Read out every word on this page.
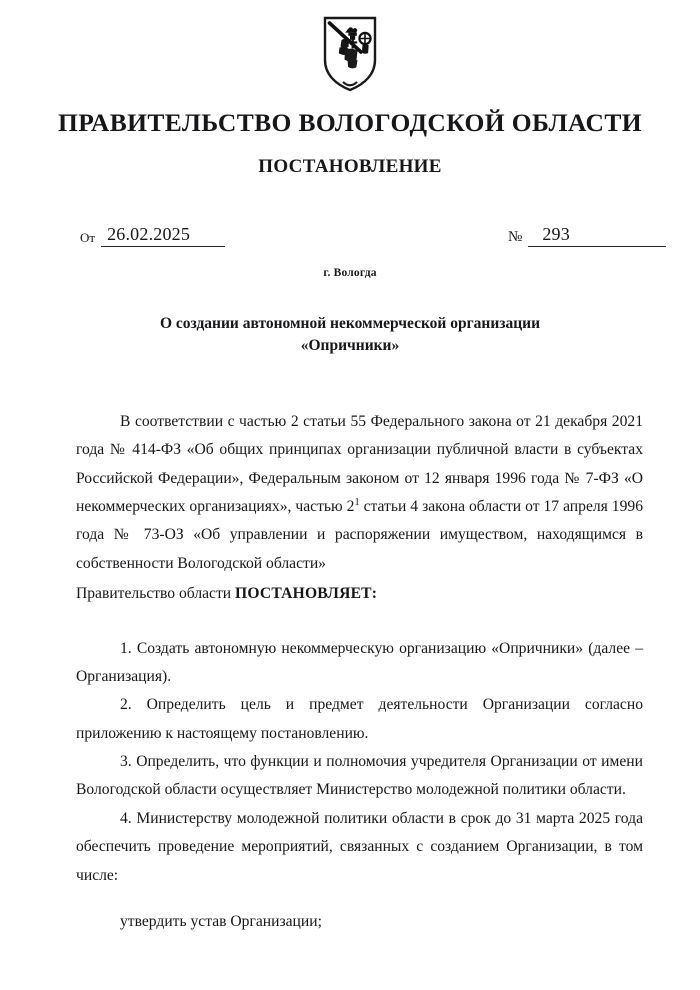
ПРАВИТЕЛЬСТВО ВОЛОГОДСКОЙ ОБЛАСТИ
ПОСТАНОВЛЕНИЕ
От 26.02.2025	№	293
г. Вологда
О создании автономной некоммерческой организации
«Опричники»

В соответствии с частью 2 статьи 55 Федерального закона от 21 декабря 2021 года № 414-ФЗ «Об общих принципах организации публичной власти в субъектах Российской Федерации», Федеральным законом от 12 января 1996 года № 7-ФЗ «О некоммерческих организациях», частью $2^1$ статьи 4 закона области от 17 апреля 1996 года № 73-ОЗ «Об управлении и распоряжении имуществом, находящимся в собственности Вологодской области»

Правительство области ПОСТАНОВЛЯЕТ:

1. Создать автономную некоммерческую организацию «Опричники» (далее – Организация).

2. Определить цель и предмет деятельности Организации согласно приложению к настоящему постановлению.

3. Определить, что функции и полномочия учредителя Организации от имени Вологодской области осуществляет Министерство молодежной политики области.

4. Министерству молодежной политики области в срок до 31 марта 2025 года обеспечить проведение мероприятий, связанных с созданием Организации, в том числе:

утвердить устав Организации;
